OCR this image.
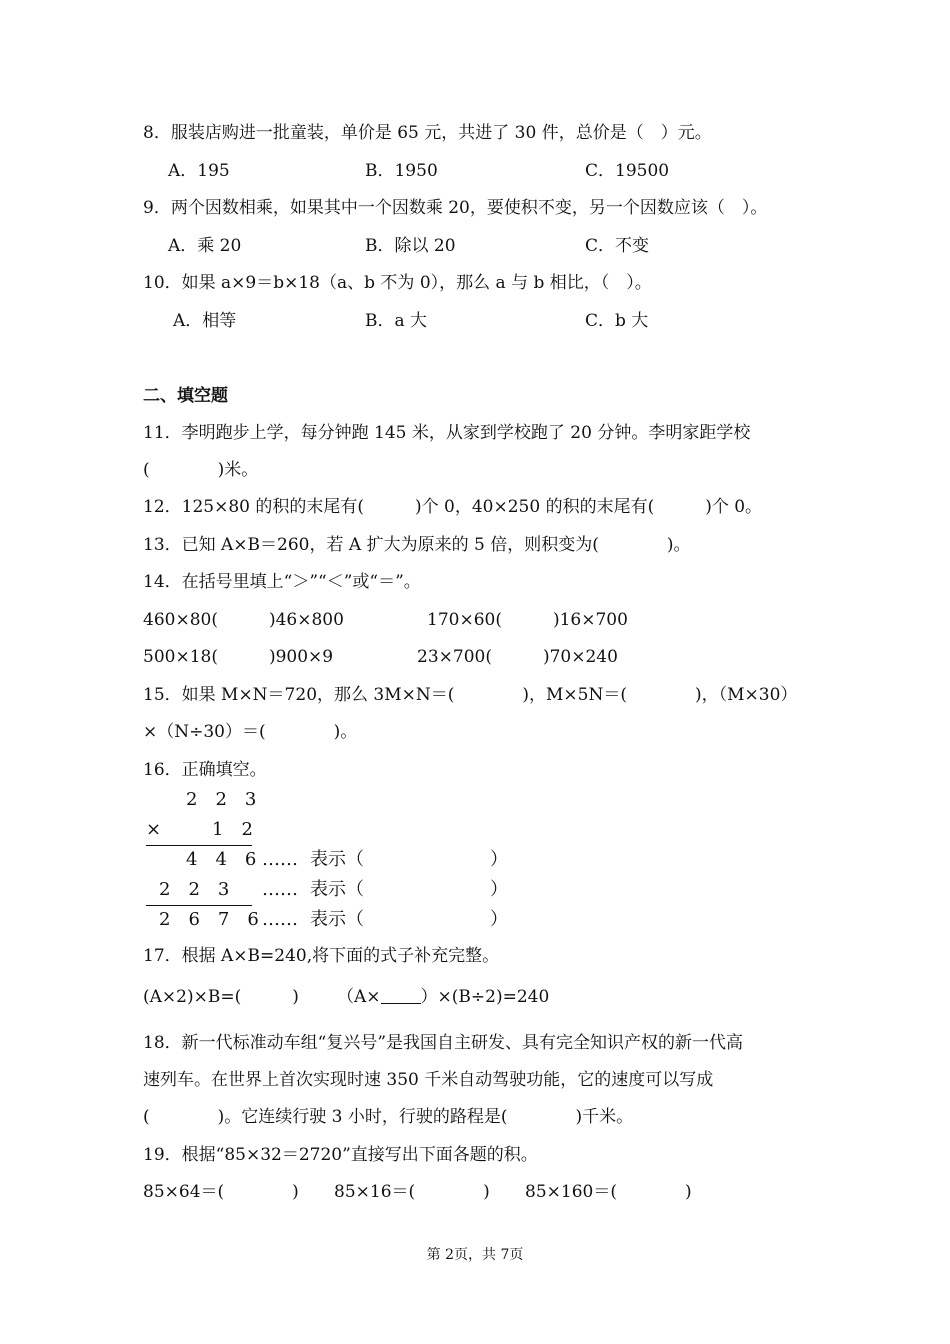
8．服装店购进一批童装，单价是 65 元，共进了 30 件，总价是（　）元。
A．195	B．1950	C．19500
9．两个因数相乘，如果其中一个因数乘 20，要使积不变，另一个因数应该（　）。
A．乘 20	B．除以 20	C．不变
10．如果 a×9＝b×18（a、b 不为 0），那么 a 与 b 相比，（　）。
A．相等	B．a 大	C．b 大
二、填空题
11．李明跑步上学，每分钟跑 145 米，从家到学校跑了 20 分钟。李明家距学校
(　　　　)米。
12．125×80 的积的末尾有(　　　)个 0，40×250 的积的末尾有(　　　)个 0。
13．已知 A×B＝260，若 A 扩大为原来的 5 倍，则积变为(　　　　)。
14．在括号里填上“＞”“＜”或“＝”。
460×80(　　　)46×800	170×60(　　　)16×700
500×18(　　　)900×9	23×700(　　　)70×240
15．如果 M×N＝720，那么 3M×N＝(　　　　)，M×5N＝(　　　　)，（M×30）
×（N÷30）＝(　　　　)。
16．正确填空。
2　2　3
×	1　2
4　4　6 …… 表示（　　　　　　　）
2　2　3 …… 表示（　　　　　　　）
2　6　7　6 …… 表示（　　　　　　　）
17．根据 A×B=240,将下面的式子补充完整。
(A×2)×B=(　　　) （A× ）×(B÷2)=240
18．新一代标准动车组“复兴号”是我国自主研发、具有完全知识产权的新一代高
速列车。在世界上首次实现时速 350 千米自动驾驶功能，它的速度可以写成
(　　　　)。它连续行驶 3 小时，行驶的路程是(　　　　)千米。
19．根据“85×32＝2720”直接写出下面各题的积。
85×64＝(　　　　) 85×16＝(　　　　) 85×160＝(　　　　)
第 2页，共 7页
